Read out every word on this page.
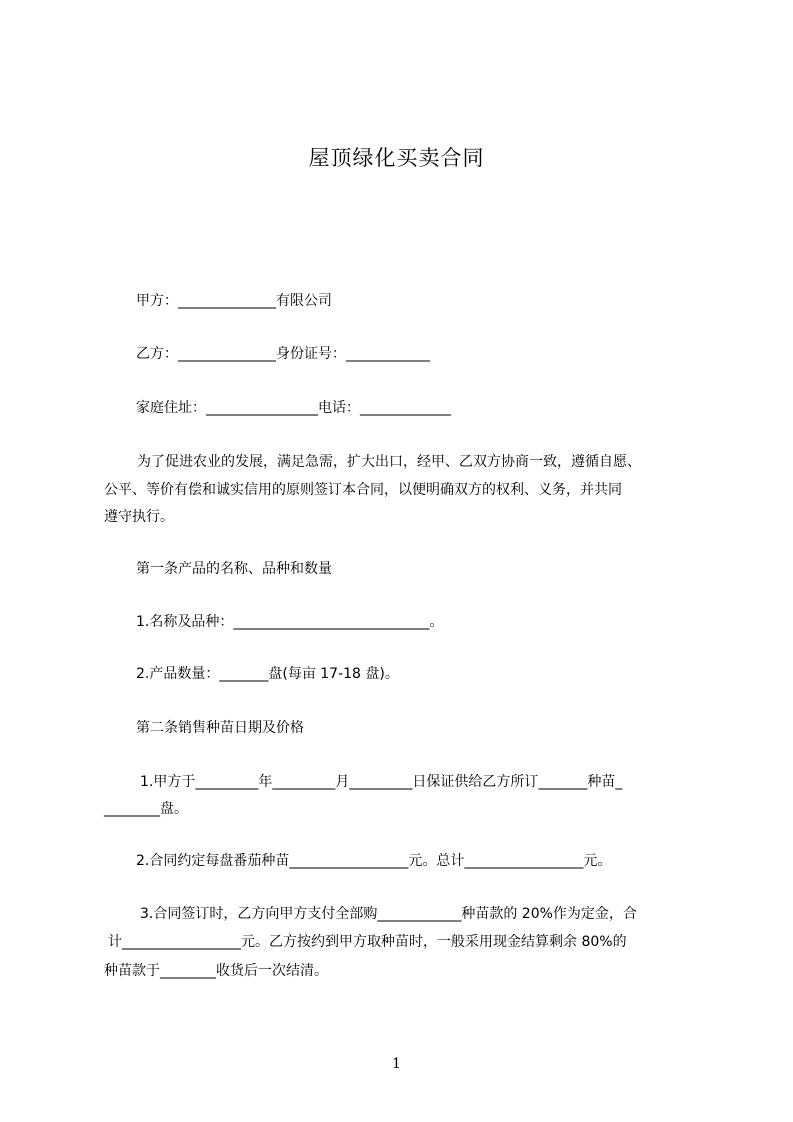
屋顶绿化买卖合同
甲方：______________有限公司
乙方：______________身份证号：____________
家庭住址：________________电话：_____________
为了促进农业的发展，满足急需，扩大出口，经甲、乙双方协商一致，遵循自愿、
公平、等价有偿和诚实信用的原则签订本合同，以便明确双方的权利、义务，并共同
遵守执行。
第一条产品的名称、品种和数量
1.名称及品种：____________________________。
2.产品数量：_______盘(每亩 17-18 盘)。
第二条销售种苗日期及价格
1.甲方于_________年_________月_________日保证供给乙方所订_______种苗_
________盘。
2.合同约定每盘番茄种苗_________________元。总计_________________元。
3.合同签订时，乙方向甲方支付全部购____________种苗款的 20%作为定金，合
计_________________元。乙方按约到甲方取种苗时，一般采用现金结算剩余 80%的
种苗款于________收货后一次结清。
1
